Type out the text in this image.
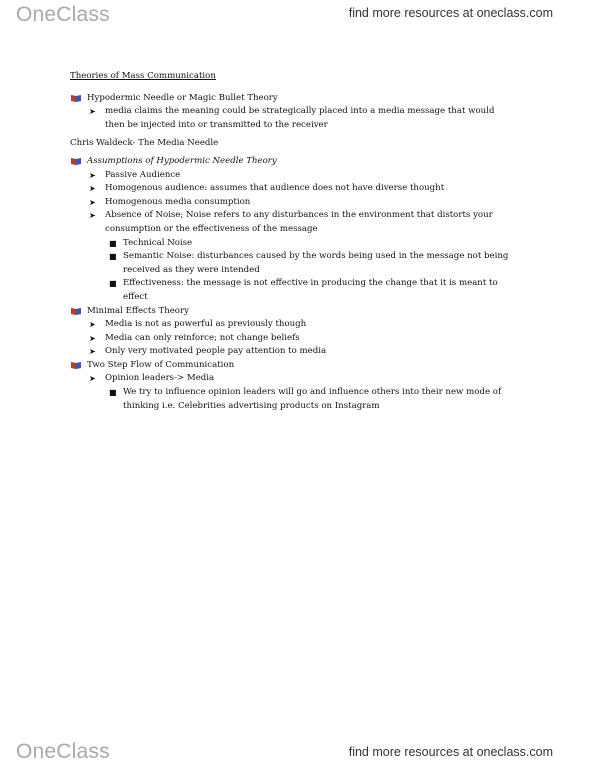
OneClass	find more resources at oneclass.com
Theories of Mass Communication
Hypodermic Needle or Magic Bullet Theory
➤ media claims the meaning could be strategically placed into a media message that would
then be injected into or transmitted to the receiver
Chris Waldeck- The Media Needle
Assumptions of Hypodermic Needle Theory
➤ Passive Audience
➤ Homogenous audience: assumes that audience does not have diverse thought
➤ Homogenous media consumption
➤ Absence of Noise; Noise refers to any disturbances in the environment that distorts your
consumption or the effectiveness of the message
■ Technical Noise
■ Semantic Noise: disturbances caused by the words being used in the message not being
received as they were intended
■ Effectiveness: the message is not effective in producing the change that it is meant to
effect
Minimal Effects Theory
➤ Media is not as powerful as previously though
➤ Media can only reinforce; not change beliefs
➤ Only very motivated people pay attention to media
Two Step Flow of Communication
➤ Opinion leaders-> Media
■ We try to influence opinion leaders will go and influence others into their new mode of
thinking i.e. Celebrities advertising products on Instagram
OneClass	find more resources at oneclass.com
